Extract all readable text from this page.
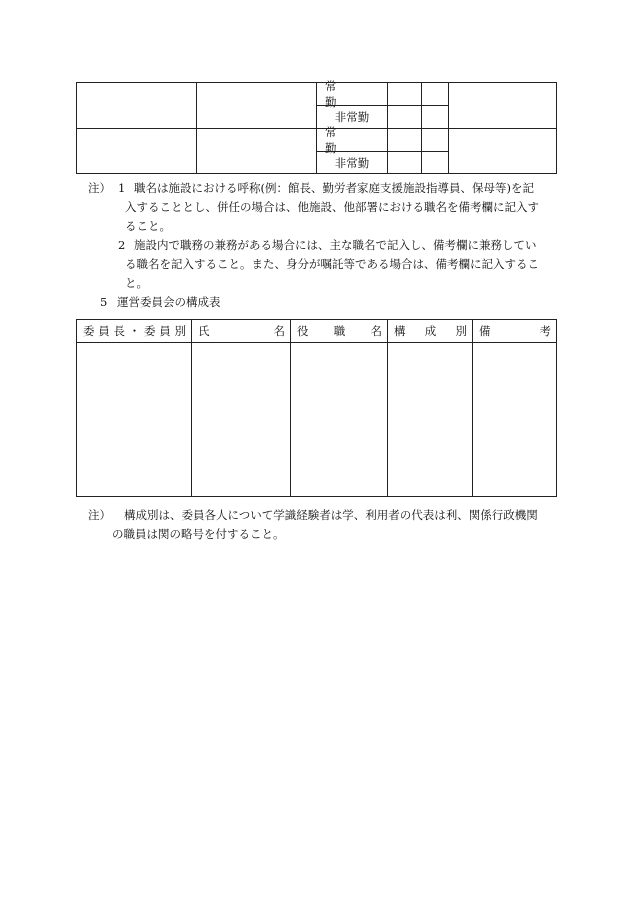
常　勤
非常勤
常　勤
非常勤
注） 1 職名は施設における呼称(例：館長、勤労者家庭支援施設指導員、保母等)を記
入することとし、併任の場合は、他施設、他部署における職名を備考欄に記入す
ること。
2 施設内で職務の兼務がある場合には、主な職名で記入し、備考欄に兼務してい
る職名を記入すること。また、身分が嘱託等である場合は、備考欄に記入するこ
と。
5 運営委員会の構成表
委 員 長 ・ 委 員 別 氏	名 役 職 名 構 成 別 備	考
注） 構成別は、委員各人について学識経験者は学、利用者の代表は利、関係行政機関
の職員は関の略号を付すること。
